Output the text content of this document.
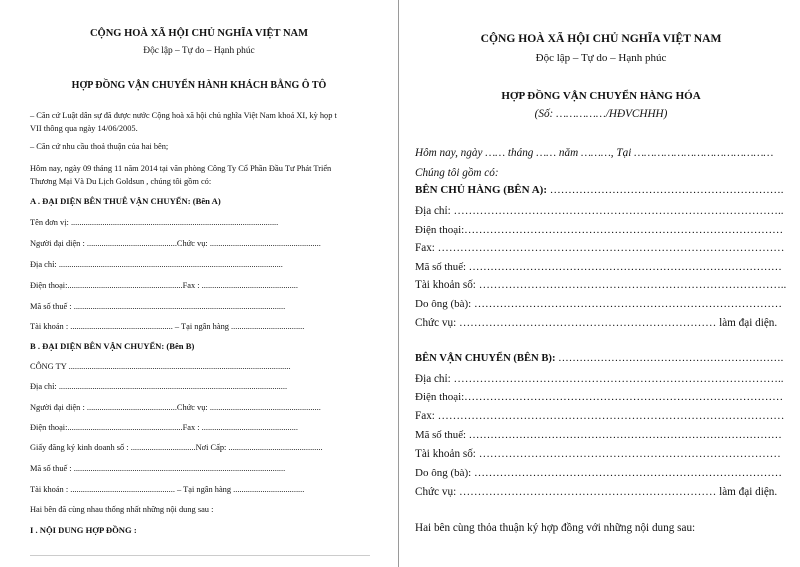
CỘNG HOÀ XÃ HỘI CHỦ NGHĨA VIỆT NAM
Độc lập – Tự do – Hạnh phúc
HỢP ĐỒNG VẬN CHUYỂN HÀNH KHÁCH BẰNG Ô TÔ
– Căn cứ Luật dân sự đã được nước Cộng hoà xã hội chủ nghĩa Việt Nam khoá XI, kỳ họp t
VII thông qua ngày 14/06/2005.
– Căn cứ nhu cầu thoả thuận của hai bên;
Hôm nay, ngày 09 tháng 11 năm 2014 tại văn phòng Công Ty Cổ Phần Đầu Tư Phát Triển
Thương Mại Và Du Lịch Goldsun , chúng tôi gồm có:
A . ĐẠI DIỆN BÊN THUÊ VẬN CHUYỂN: (Bên A)
Tên đơn vị: ...................................................................................................
Người đại diện : ...........................................Chức vụ: .....................................................
Địa chỉ: ...........................................................................................................
Điện thoại:.......................................................Fax : ..............................................
Mã số thuế : .....................................................................................................
Tài khoản : ................................................. – Tại ngân hàng ...................................
B . ĐẠI DIỆN BÊN VẬN CHUYỂN: (Bên B)
CÔNG TY ..........................................................................................................
Địa chỉ: .............................................................................................................
Người đại diện : ...........................................Chức vụ: .....................................................
Điện thoại:.......................................................Fax : ..............................................
Giấy đăng ký kinh doanh số : ...............................Nơi Cấp: .............................................
Mã số thuế : .....................................................................................................
Tài khoản : .................................................. – Tại ngân hàng ..................................
Hai bên đã cùng nhau thống nhất những nội dung sau :
I . NỘI DUNG HỢP ĐỒNG :
CỘNG HOÀ XÃ HỘI CHỦ NGHĨA VIỆT NAM
Độc lập – Tự do – Hạnh phúc
HỢP ĐỒNG VẬN CHUYỂN HÀNG HÓA
(Số: ……………/HĐVCHHH)
Hôm nay, ngày …… tháng …… năm ………, Tại ……………………………………
Chúng tôi gồm có:
BÊN CHỦ HÀNG (BÊN A): ……………………………………………………….
Địa chỉ: ……………………………………………………………………………..
Điện thoại:……………………………………………………………………………
Fax: …………………………………………………………………………………
Mã số thuế: ……………………………………………………………………………
Tài khoản số: ………………………………………………………………………..
Do ông (bà): …………………………………………………………………………
Chức vụ: …………………………………………………………… làm đại diện.
BÊN VẬN CHUYỂN (BÊN B): ……………………………………………………….
Địa chỉ: ……………………………………………………………………………..
Điện thoại:……………………………………………………………………………
Fax: …………………………………………………………………………………
Mã số thuế: ……………………………………………………………………………
Tài khoản số: ………………………………………………………………………
Do ông (bà): …………………………………………………………………………
Chức vụ: …………………………………………………………… làm đại diện.
Hai bên cùng thỏa thuận ký hợp đồng với những nội dung sau:
